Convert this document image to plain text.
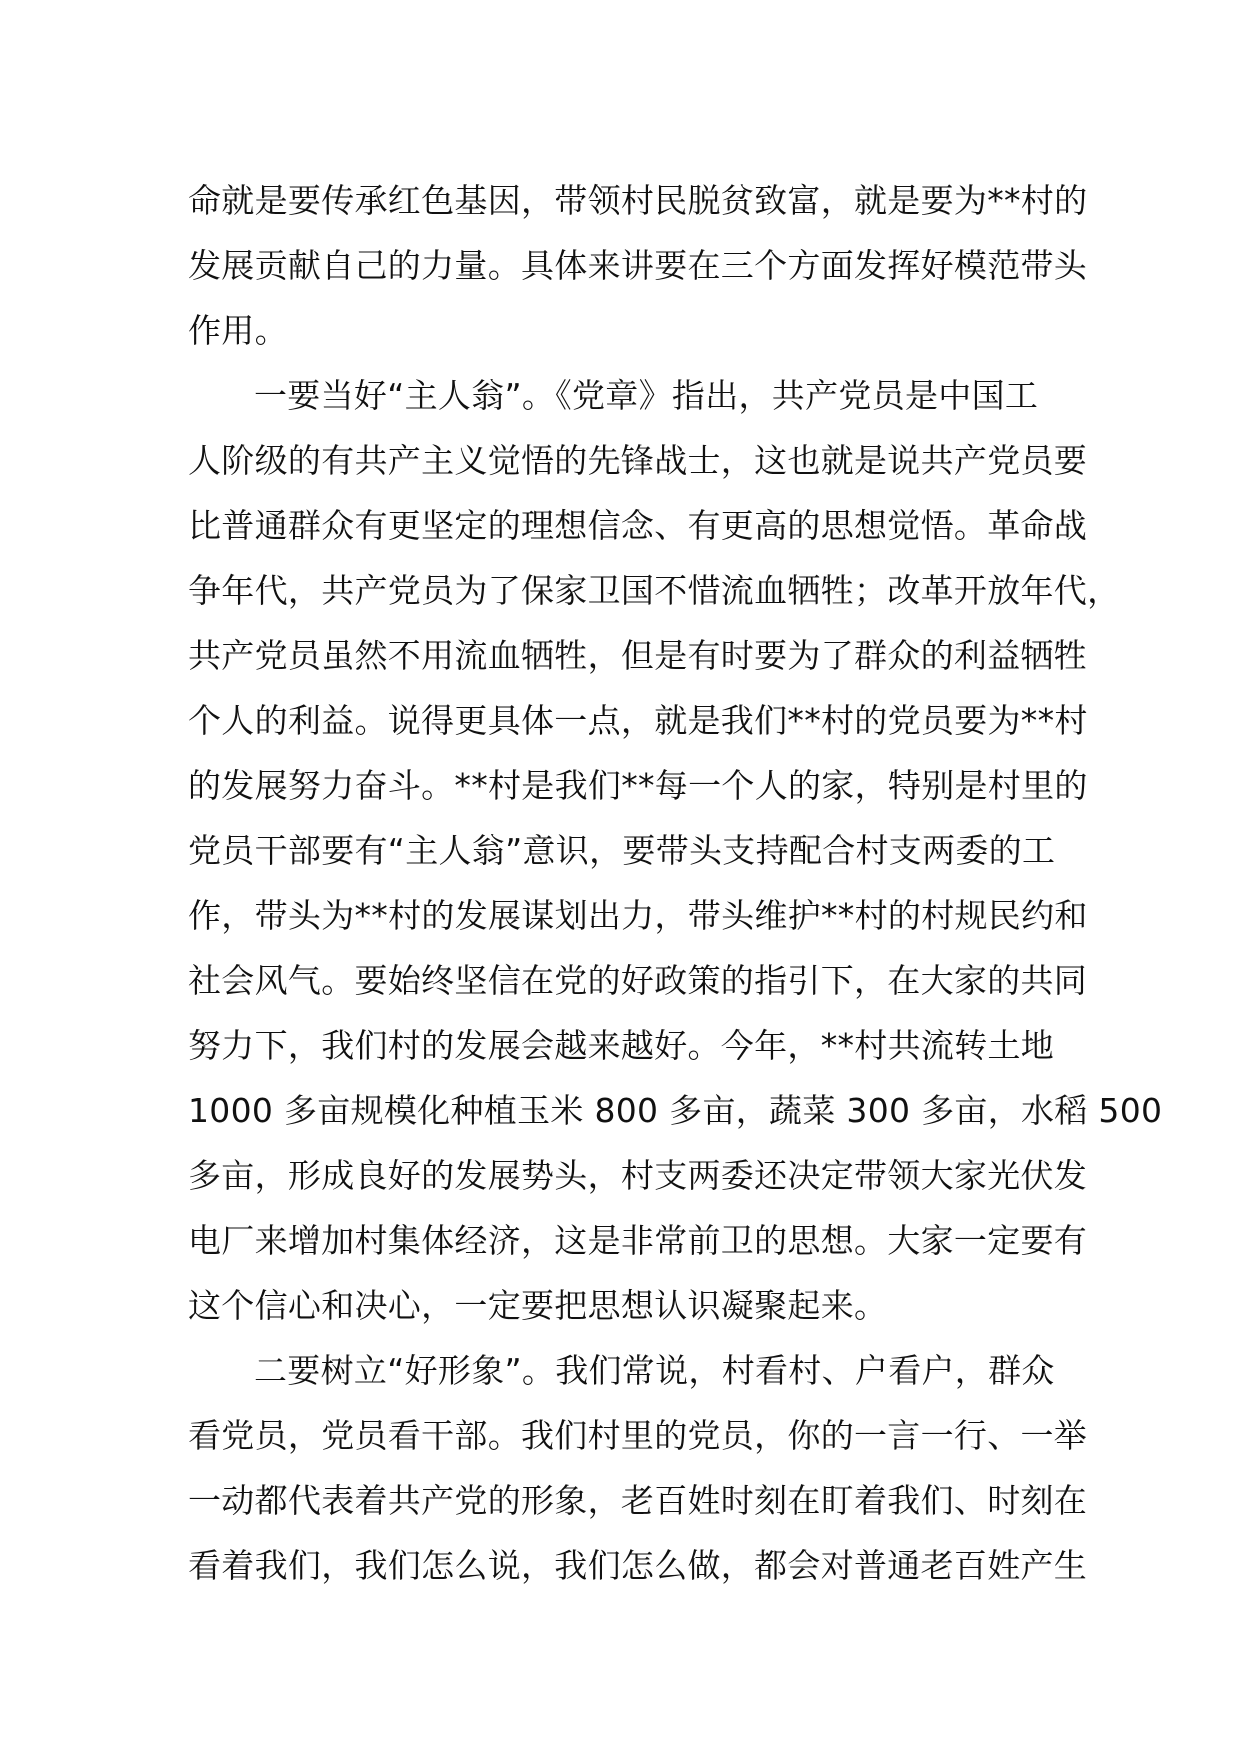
命就是要传承红色基因，带领村民脱贫致富，就是要为**村的
发展贡献自己的力量。具体来讲要在三个方面发挥好模范带头
作用。
一要当好“主人翁”。《党章》指出，共产党员是中国工
人阶级的有共产主义觉悟的先锋战士，这也就是说共产党员要
比普通群众有更坚定的理想信念、有更高的思想觉悟。革命战
争年代，共产党员为了保家卫国不惜流血牺牲；改革开放年代，
共产党员虽然不用流血牺牲，但是有时要为了群众的利益牺牲
个人的利益。说得更具体一点，就是我们**村的党员要为**村
的发展努力奋斗。**村是我们**每一个人的家，特别是村里的
党员干部要有“主人翁”意识，要带头支持配合村支两委的工
作，带头为**村的发展谋划出力，带头维护**村的村规民约和
社会风气。要始终坚信在党的好政策的指引下，在大家的共同
努力下，我们村的发展会越来越好。今年，**村共流转土地
1000 多亩规模化种植玉米 800 多亩，蔬菜 300 多亩，水稻 500
多亩，形成良好的发展势头，村支两委还决定带领大家光伏发
电厂来增加村集体经济，这是非常前卫的思想。大家一定要有
这个信心和决心，一定要把思想认识凝聚起来。
二要树立“好形象”。我们常说，村看村、户看户，群众
看党员，党员看干部。我们村里的党员，你的一言一行、一举
一动都代表着共产党的形象，老百姓时刻在盯着我们、时刻在
看着我们，我们怎么说，我们怎么做，都会对普通老百姓产生
